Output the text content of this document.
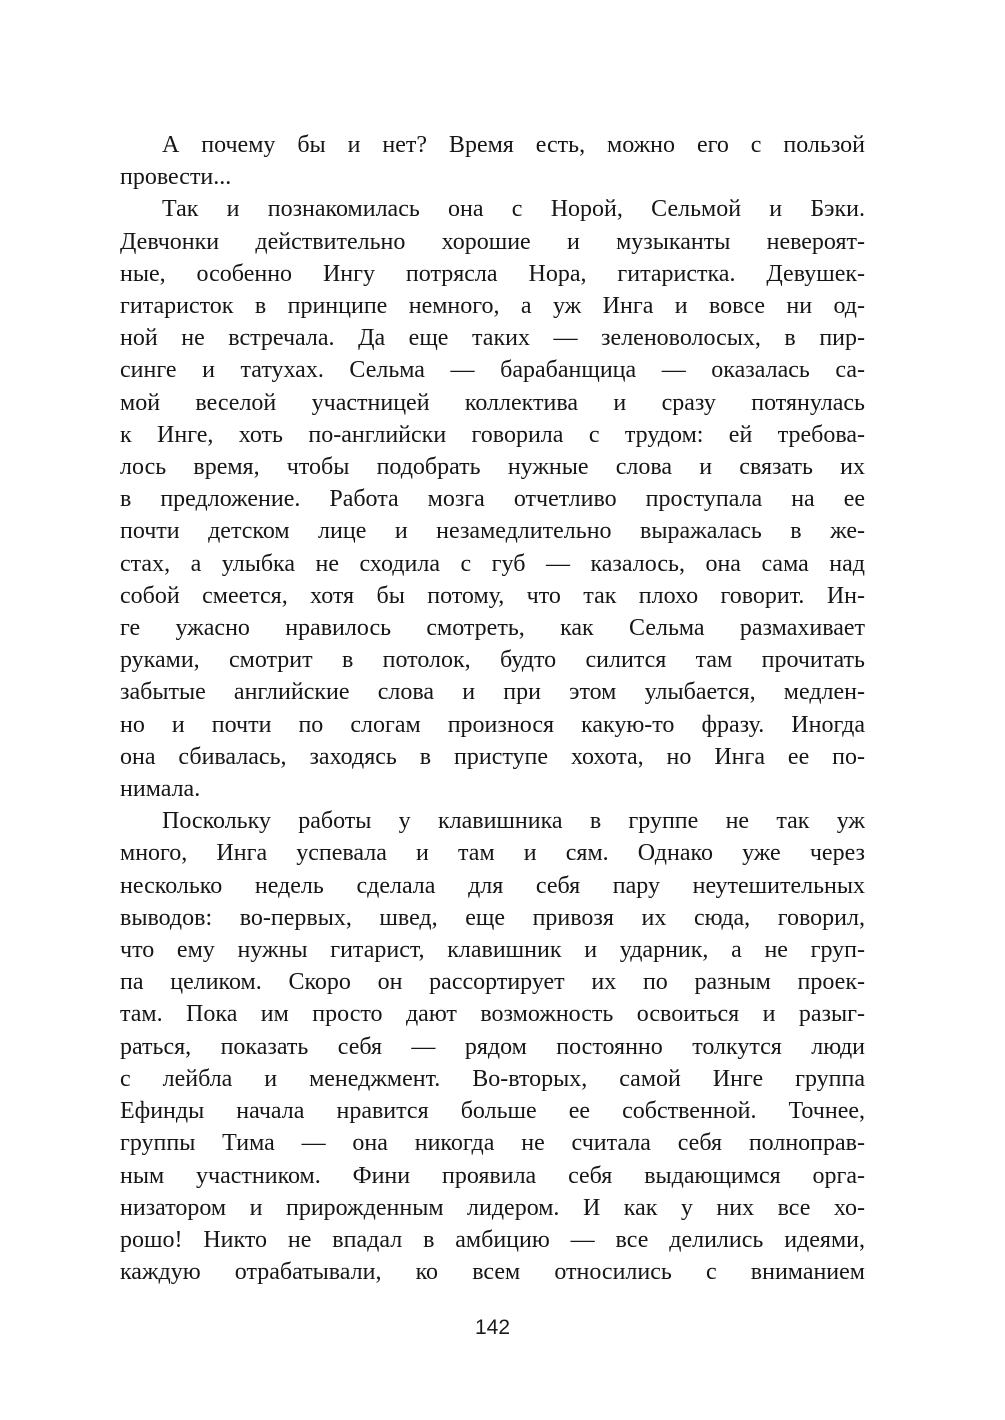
А почему бы и нет? Время есть, можно его с пользой
провести...
Так и познакомилась она с Норой, Сельмой и Бэки.
Девчонки действительно хорошие и музыканты невероят-
ные, особенно Ингу потрясла Нора, гитаристка. Девушек-
гитаристок в принципе немного, а уж Инга и вовсе ни од-
ной не встречала. Да еще таких — зеленоволосых, в пир-
синге и татухах. Сельма — барабанщица — оказалась са-
мой веселой участницей коллектива и сразу потянулась
к Инге, хоть по-английски говорила с трудом: ей требова-
лось время, чтобы подобрать нужные слова и связать их
в предложение. Работа мозга отчетливо проступала на ее
почти детском лице и незамедлительно выражалась в же-
стах, а улыбка не сходила с губ — казалось, она сама над
собой смеется, хотя бы потому, что так плохо говорит. Ин-
ге ужасно нравилось смотреть, как Сельма размахивает
руками, смотрит в потолок, будто силится там прочитать
забытые английские слова и при этом улыбается, медлен-
но и почти по слогам произнося какую-то фразу. Иногда
она сбивалась, заходясь в приступе хохота, но Инга ее по-
нимала.
Поскольку работы у клавишника в группе не так уж
много, Инга успевала и там и сям. Однако уже через
несколько недель сделала для себя пару неутешительных
выводов: во-первых, швед, еще привозя их сюда, говорил,
что ему нужны гитарист, клавишник и ударник, а не груп-
па целиком. Скоро он рассортирует их по разным проек-
там. Пока им просто дают возможность освоиться и разыг-
раться, показать себя — рядом постоянно толкутся люди
с лейбла и менеджмент. Во-вторых, самой Инге группа
Ефинды начала нравится больше ее собственной. Точнее,
группы Тима — она никогда не считала себя полноправ-
ным участником. Фини проявила себя выдающимся орга-
низатором и прирожденным лидером. И как у них все хо-
рошо! Никто не впадал в амбицию — все делились идеями,
каждую отрабатывали, ко всем относились с вниманием
142
